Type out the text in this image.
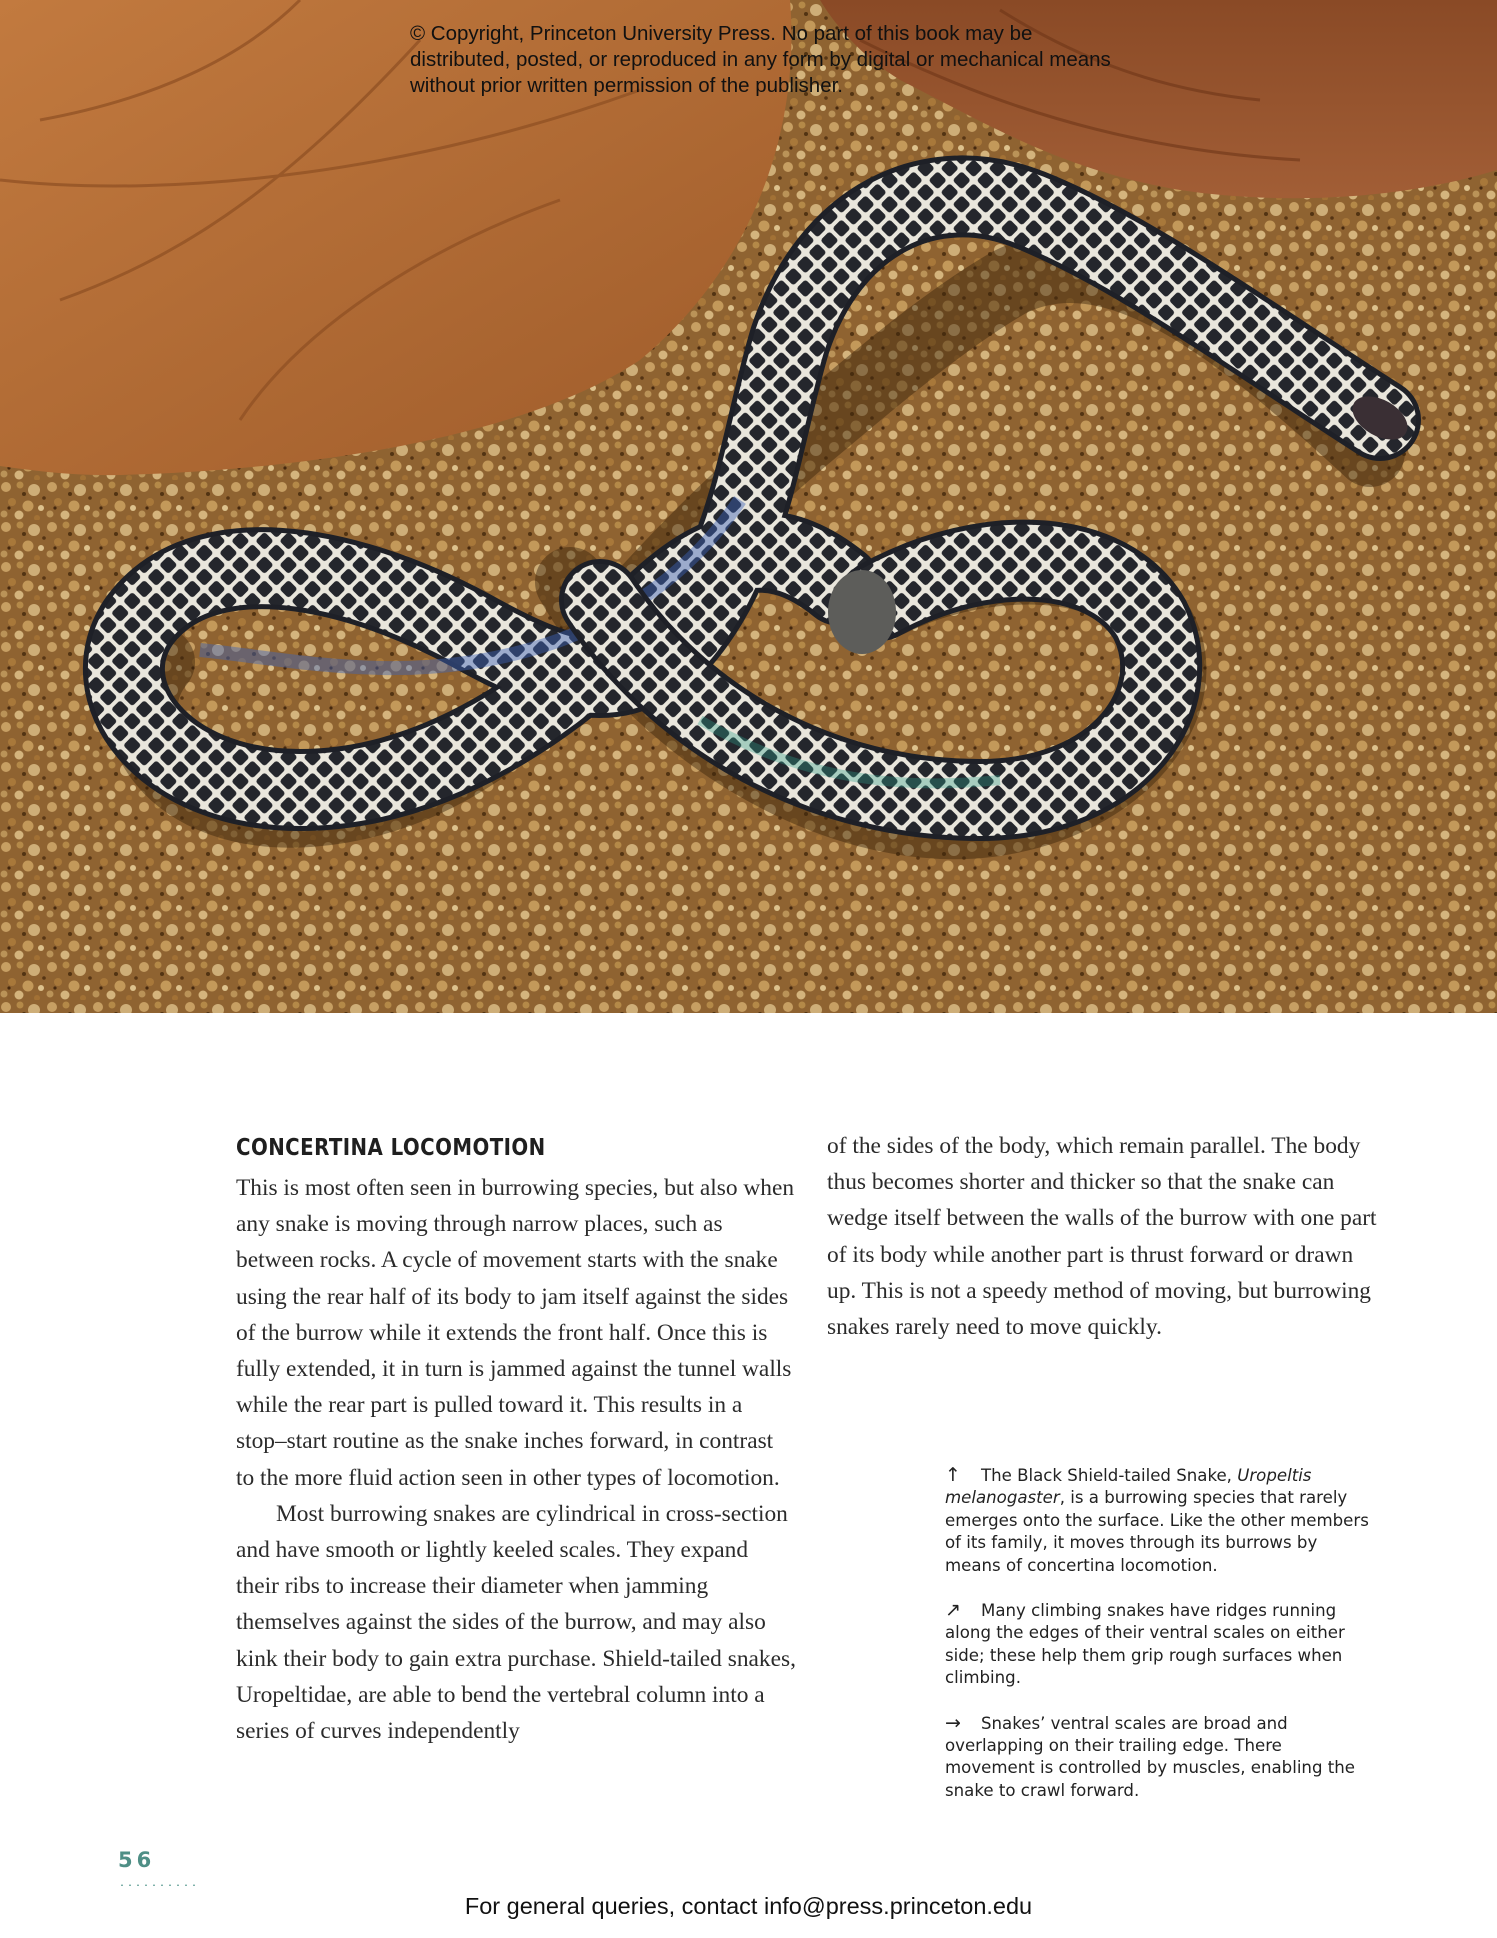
© Copyright, Princeton University Press. No part of this book may be distributed, posted, or reproduced in any form by digital or mechanical means without prior written permission of the publisher.
CONCERTINA LOCOMOTION

This is most often seen in burrowing species, but also when any snake is moving through narrow places, such as between rocks. A cycle of movement starts with the snake using the rear half of its body to jam itself against the sides of the burrow while it extends the front half. Once this is fully extended, it in turn is jammed against the tunnel walls while the rear part is pulled toward it. This results in a stop–start routine as the snake inches forward, in contrast to the more fluid action seen in other types of locomotion.

Most burrowing snakes are cylindrical in cross-section and have smooth or lightly keeled scales. They expand their ribs to increase their diameter when jamming themselves against the sides of the burrow, and may also kink their body to gain extra purchase. Shield-tailed snakes, Uropeltidae, are able to bend the vertebral column into a series of curves independently

of the sides of the body, which remain parallel. The body thus becomes shorter and thicker so that the snake can wedge itself between the walls of the burrow with one part of its body while another part is thrust forward or drawn up. This is not a speedy method of moving, but burrowing snakes rarely need to move quickly.

↑ The Black Shield-tailed Snake, Uropeltis melanogaster, is a burrowing species that rarely emerges onto the surface. Like the other members of its family, it moves through its burrows by means of concertina locomotion.

↗ Many climbing snakes have ridges running along the edges of their ventral scales on either side; these help them grip rough surfaces when climbing.

→ Snakes’ ventral scales are broad and overlapping on their trailing edge. There movement is controlled by muscles, enabling the snake to crawl forward.

56
For general queries, contact info@press.princeton.edu
